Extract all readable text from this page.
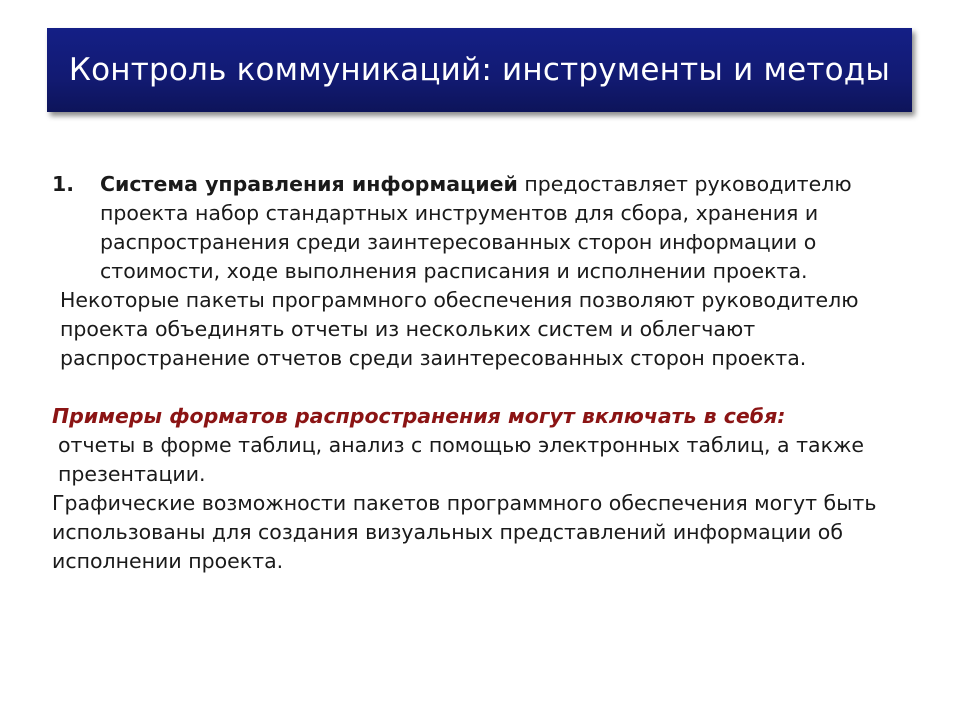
Контроль коммуникаций: инструменты и методы
1. Система управления информацией предоставляет руководителю проекта набор стандартных инструментов для сбора, хранения и распространения среди заинтересованных сторон информации о стоимости, ходе выполнения расписания и исполнении проекта.
Некоторые пакеты программного обеспечения позволяют руководителю проекта объединять отчеты из нескольких систем и облегчают распространение отчетов среди заинтересованных сторон проекта.
Примеры форматов распространения могут включать в себя:
отчеты в форме таблиц, анализ с помощью электронных таблиц, а также презентации.
Графические возможности пакетов программного обеспечения могут быть использованы для создания визуальных представлений информации об исполнении проекта.
